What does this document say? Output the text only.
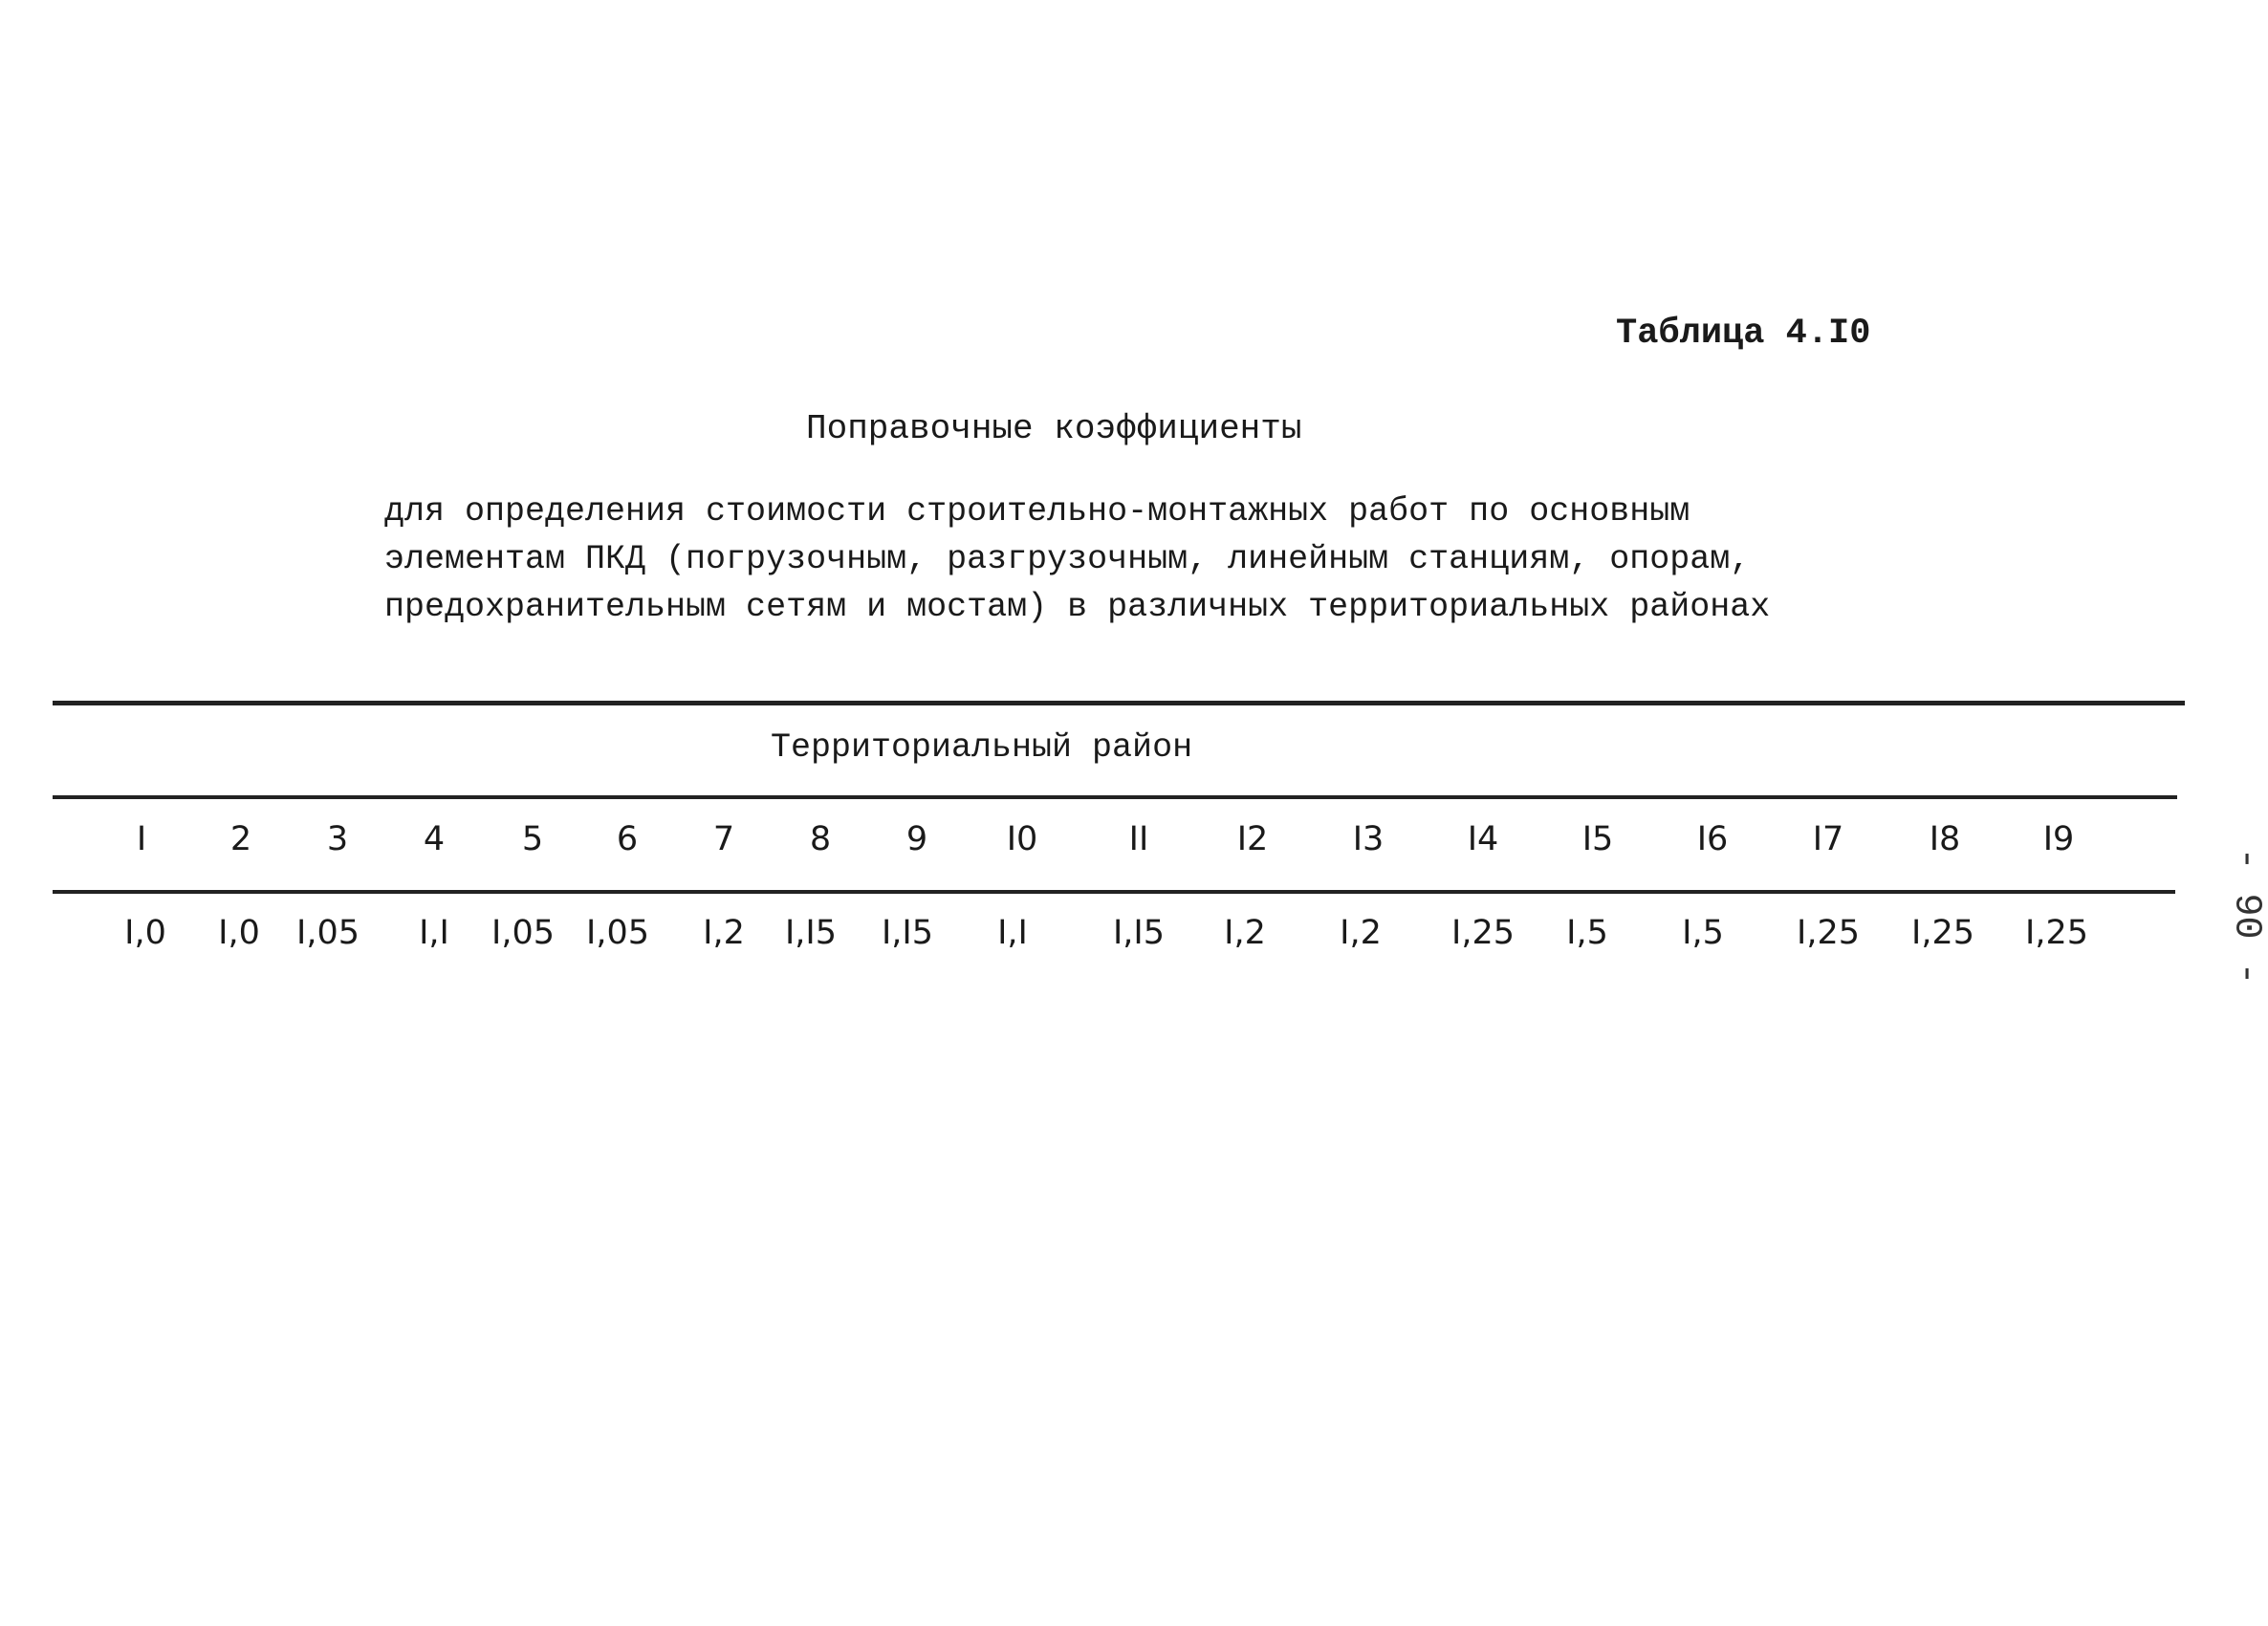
Таблица 4.I0
Поправочные коэффициенты
для определения стоимости строительно-монтажных работ по основным
элементам ПКД (погрузочным, разгрузочным, линейным станциям, опорам,
предохранительным сетям и мостам) в различных территориальных районах
Территориальный район
I	2	3	4	5	6	7	8	9	I0	II	I2	I3	I4	I5	I6	I7	I8	I9
I,0	I,0	I,05	I,I	I,05 I,05	I,2	I,I5	I,I5	I,I	I,I5	I,2	I,2	I,25	I,5	I,5	I,25	I,25	I,25	- 90 -
